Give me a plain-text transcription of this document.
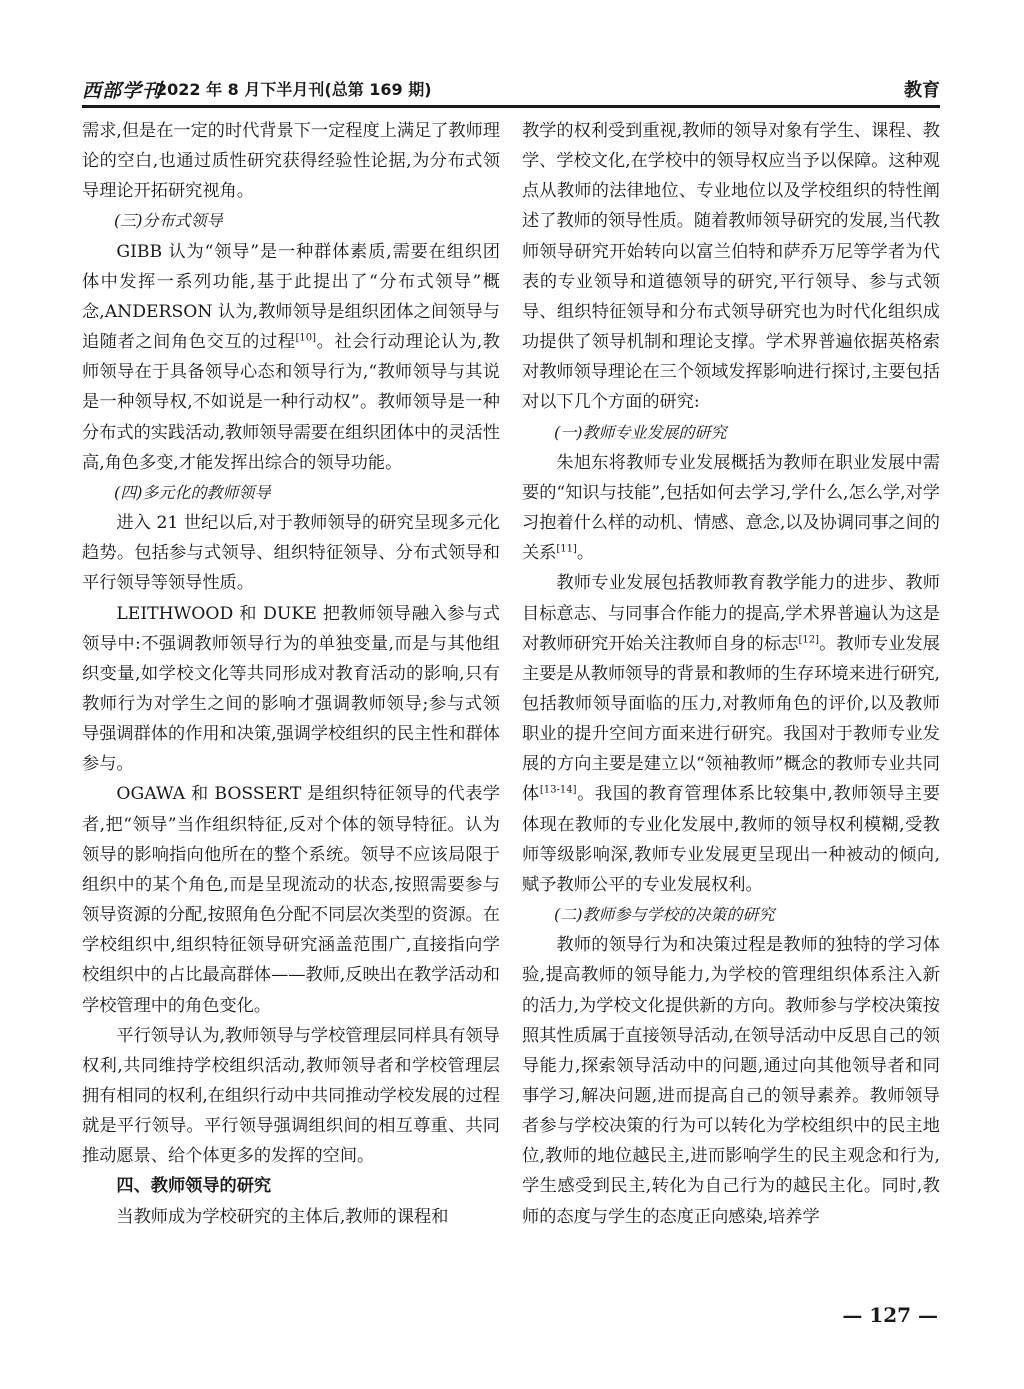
西部学刊
2022 年 8 月下半月刊(总第 169 期)	教育

需求,但是在一定的时代背景下一定程度上满足了教师理论的空白,也通过质性研究获得经验性论据,为分布式领导理论开拓研究视角。

(三)分布式领导

GIBB 认为“领导”是一种群体素质,需要在组织团体中发挥一系列功能,基于此提出了“分布式领导”概念,ANDERSON 认为,教师领导是组织团体之间领导与追随者之间角色交互的过程[10]。社会行动理论认为,教师领导在于具备领导心态和领导行为,“教师领导与其说是一种领导权,不如说是一种行动权”。教师领导是一种分布式的实践活动,教师领导需要在组织团体中的灵活性高,角色多变,才能发挥出综合的领导功能。

(四)多元化的教师领导

进入 21 世纪以后,对于教师领导的研究呈现多元化趋势。包括参与式领导、组织特征领导、分布式领导和平行领导等领导性质。

LEITHWOOD 和 DUKE 把教师领导融入参与式领导中:不强调教师领导行为的单独变量,而是与其他组织变量,如学校文化等共同形成对教育活动的影响,只有教师行为对学生之间的影响才强调教师领导;参与式领导强调群体的作用和决策,强调学校组织的民主性和群体参与。

OGAWA 和 BOSSERT 是组织特征领导的代表学者,把“领导”当作组织特征,反对个体的领导特征。认为领导的影响指向他所在的整个系统。领导不应该局限于组织中的某个角色,而是呈现流动的状态,按照需要参与领导资源的分配,按照角色分配不同层次类型的资源。在学校组织中,组织特征领导研究涵盖范围广,直接指向学校组织中的占比最高群体——教师,反映出在教学活动和学校管理中的角色变化。

平行领导认为,教师领导与学校管理层同样具有领导权利,共同维持学校组织活动,教师领导者和学校管理层拥有相同的权利,在组织行动中共同推动学校发展的过程就是平行领导。平行领导强调组织间的相互尊重、共同推动愿景、给个体更多的发挥的空间。

四、教师领导的研究

当教师成为学校研究的主体后,教师的课程和

教学的权利受到重视,教师的领导对象有学生、课程、教学、学校文化,在学校中的领导权应当予以保障。这种观点从教师的法律地位、专业地位以及学校组织的特性阐述了教师的领导性质。随着教师领导研究的发展,当代教师领导研究开始转向以富兰伯特和萨乔万尼等学者为代表的专业领导和道德领导的研究,平行领导、参与式领导、组织特征领导和分布式领导研究也为时代化组织成功提供了领导机制和理论支撑。学术界普遍依据英格索对教师领导理论在三个领域发挥影响进行探讨,主要包括对以下几个方面的研究:

(一)教师专业发展的研究

朱旭东将教师专业发展概括为教师在职业发展中需要的“知识与技能”,包括如何去学习,学什么,怎么学,对学习抱着什么样的动机、情感、意念,以及协调同事之间的关系[11]。

教师专业发展包括教师教育教学能力的进步、教师目标意志、与同事合作能力的提高,学术界普遍认为这是对教师研究开始关注教师自身的标志[12]。教师专业发展主要是从教师领导的背景和教师的生存环境来进行研究,包括教师领导面临的压力,对教师角色的评价,以及教师职业的提升空间方面来进行研究。我国对于教师专业发展的方向主要是建立以“领袖教师”概念的教师专业共同体[13-14]。我国的教育管理体系比较集中,教师领导主要体现在教师的专业化发展中,教师的领导权利模糊,受教师等级影响深,教师专业发展更呈现出一种被动的倾向,赋予教师公平的专业发展权利。

(二)教师参与学校的决策的研究

教师的领导行为和决策过程是教师的独特的学习体验,提高教师的领导能力,为学校的管理组织体系注入新的活力,为学校文化提供新的方向。教师参与学校决策按照其性质属于直接领导活动,在领导活动中反思自己的领导能力,探索领导活动中的问题,通过向其他领导者和同事学习,解决问题,进而提高自己的领导素养。教师领导者参与学校决策的行为可以转化为学校组织中的民主地位,教师的地位越民主,进而影响学生的民主观念和行为,学生感受到民主,转化为自己行为的越民主化。同时,教师的态度与学生的态度正向感染,培养学

— 127 —
